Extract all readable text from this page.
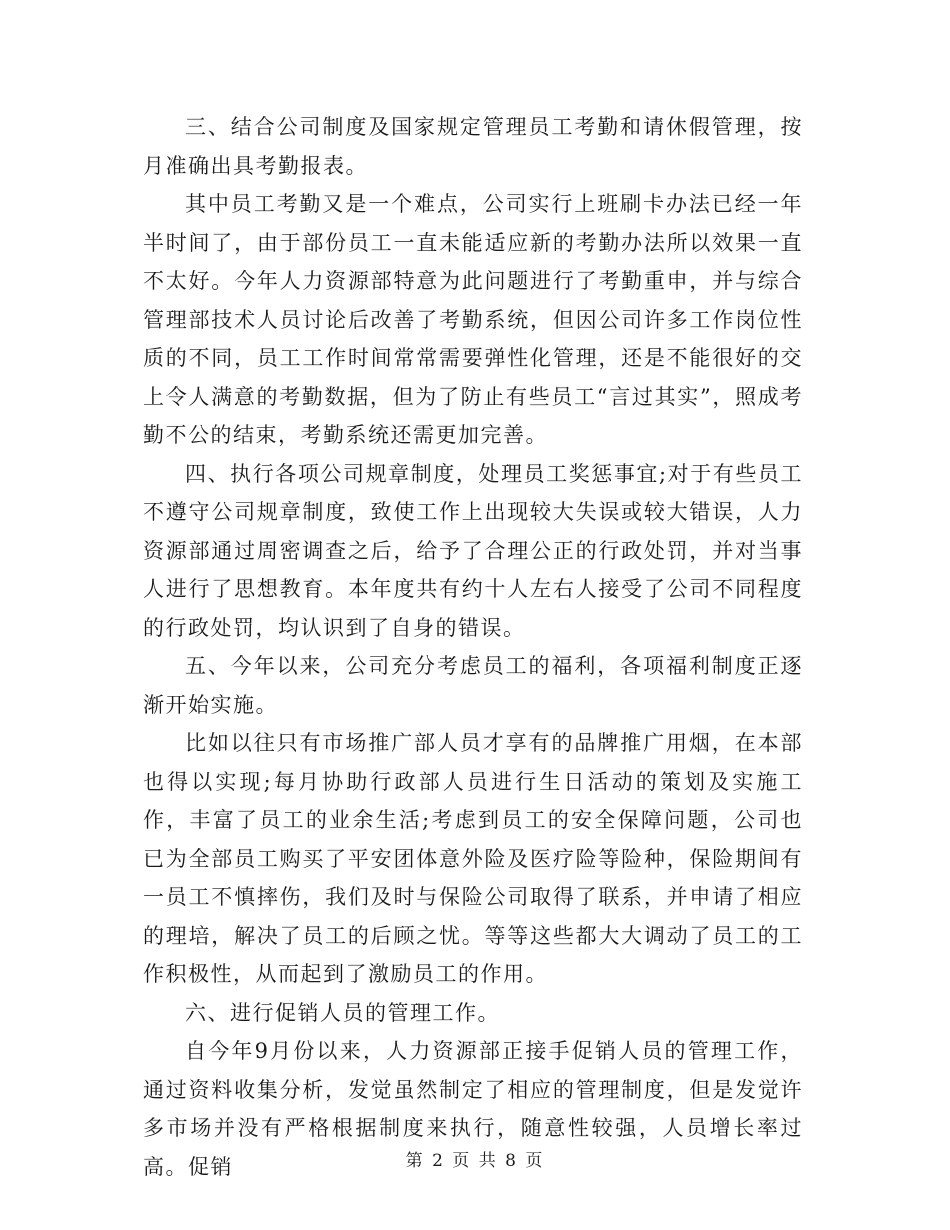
三、结合公司制度及国家规定管理员工考勤和请休假管理，按月准确出具考勤报表。

其中员工考勤又是一个难点，公司实行上班刷卡办法已经一年半时间了，由于部份员工一直未能适应新的考勤办法所以效果一直不太好。今年人力资源部特意为此问题进行了考勤重申，并与综合管理部技术人员讨论后改善了考勤系统，但因公司许多工作岗位性质的不同，员工工作时间常常需要弹性化管理，还是不能很好的交上令人满意的考勤数据，但为了防止有些员工“言过其实”，照成考勤不公的结束，考勤系统还需更加完善。

四、执行各项公司规章制度，处理员工奖惩事宜;对于有些员工不遵守公司规章制度，致使工作上出现较大失误或较大错误，人力资源部通过周密调查之后，给予了合理公正的行政处罚，并对当事人进行了思想教育。本年度共有约十人左右人接受了公司不同程度的行政处罚，均认识到了自身的错误。

五、今年以来，公司充分考虑员工的福利，各项福利制度正逐渐开始实施。

比如以往只有市场推广部人员才享有的品牌推广用烟，在本部也得以实现;每月协助行政部人员进行生日活动的策划及实施工作，丰富了员工的业余生活;考虑到员工的安全保障问题，公司也已为全部员工购买了平安团体意外险及医疗险等险种，保险期间有一员工不慎摔伤，我们及时与保险公司取得了联系，并申请了相应的理培，解决了员工的后顾之忧。等等这些都大大调动了员工的工作积极性，从而起到了激励员工的作用。

六、进行促销人员的管理工作。

自今年9月份以来，人力资源部正接手促销人员的管理工作，通过资料收集分析，发觉虽然制定了相应的管理制度，但是发觉许多市场并没有严格根据制度来执行，随意性较强，人员增长率过高。促销	第 2 页 共 8 页
